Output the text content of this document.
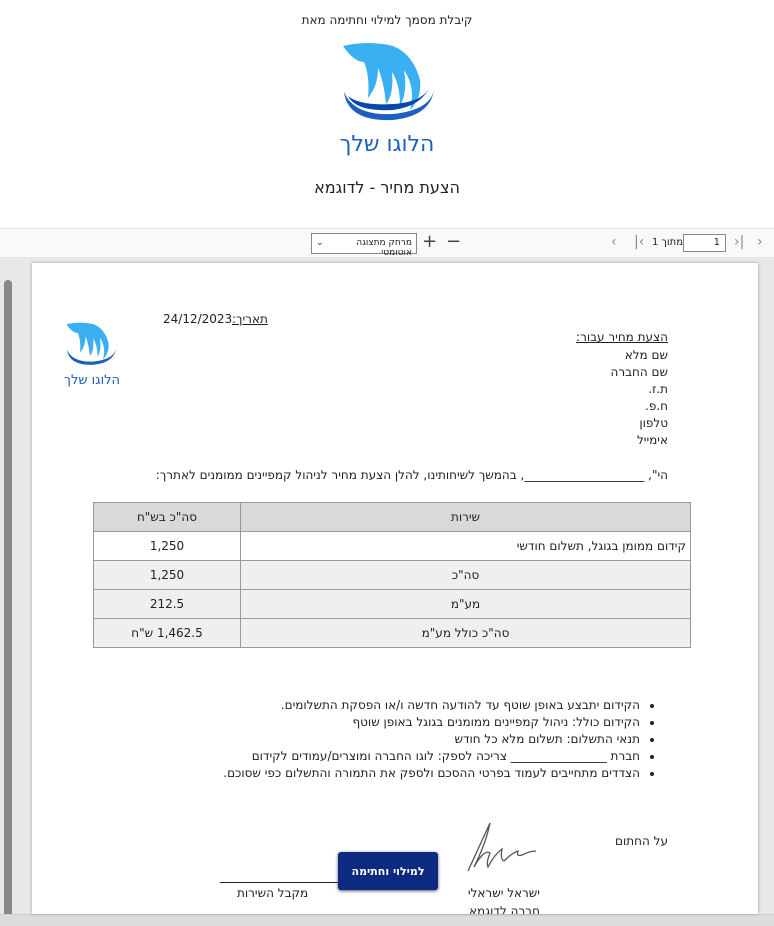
קיבלת מסמך למילוי וחתימה מאת
הלוגו שלך
הצעת מחיר - לדוגמא
מרחק מתצוגה אוטומטי
⌄	+ −	‹ |‹ מתוך 1	1	›| ›
הלוגו שלך
תאריך:
24/12/2023
הצעת מחיר עבור:
שם מלא
שם החברה
ת.ז.
ח.פ.
טלפון
אימייל
הי", ____________________, בהמשך לשיחותינו, להלן הצעת מחיר לניהול קמפיינים ממומנים לאתרך:
שירות	סה"כ בש"ח
קידום ממומן בגוגל, תשלום חודשי	1,250
סה"כ	1,250
מע"מ	212.5
סה"כ כולל מע"מ	1,462.5 ש"ח
• הקידום יתבצע באופן שוטף עד להודעה חדשה ו/או הפסקת התשלומים.
• הקידום כולל: ניהול קמפיינים ממומנים בגוגל באופן שוטף
• תנאי התשלום: תשלום מלא כל חודש
• חברת ________________ צריכה לספק: לוגו החברה ומוצרים/עמודים לקידום
• הצדדים מתחייבים לעמוד בפרטי ההסכם ולספק את התמורה והתשלום כפי שסוכם.
על החתום
ישראל ישראלי
חברה לדוגמא
מקבל השירות
למילוי וחתימה
